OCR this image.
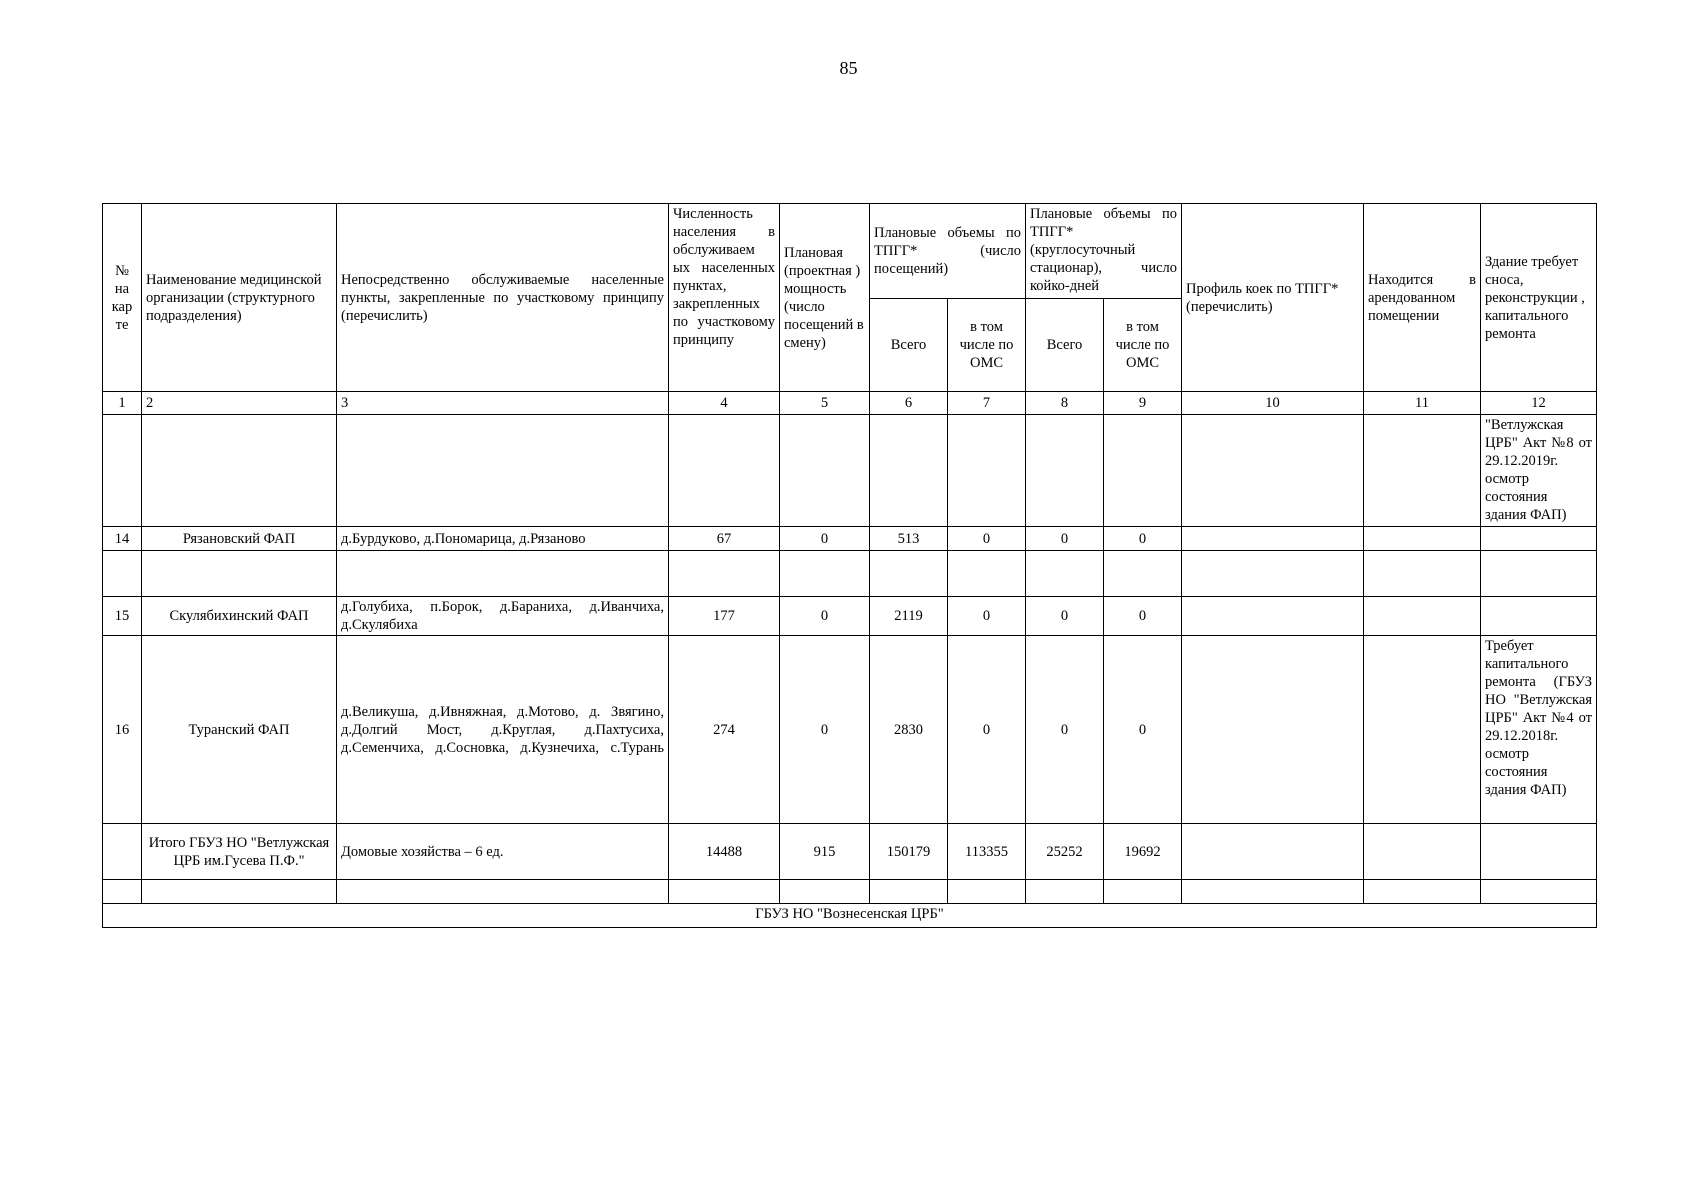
85
№ на кар те	Наименование медицинской организации (структурного подразделения)	Непосредственно обслуживаемые населенные пункты, закрепленные по участковому принципу (перечислить)	Численность населения в обслуживаем ых населенных пунктах, закрепленных по участковому принципу	Плановая (проектная ) мощность (число посещений в смену)	Плановые объемы по ТПГГ* (число посещений)		Плановые объемы по ТПГГ* (круглосуточный стационар), число койко-дней		Профиль коек по ТПГГ* (перечислить)	Находится в арендованном помещении	Здание требует сноса, реконструкции , капитального ремонта
					Всего	в том числе по ОМС	Всего	в том числе по ОМС			
1	2	3	4	5	6	7	8	9	10	11	12
											"Ветлужская ЦРБ" Акт №8 от 29.12.2019г. осмотр состояния здания ФАП)
14	Рязановский ФАП	д.Бурдуково, д.Пономарица, д.Рязаново	67	0	513	0	0	0			

15	Скулябихинский ФАП	д.Голубиха, п.Борок, д.Бараниха, д.Иванчиха, д.Скулябиха	177	0	2119	0	0	0			
16	Туранский ФАП	д.Великуша, д.Ивняжная, д.Мотово, д. Звягино, д.Долгий Мост, д.Круглая, д.Пахтусиха, д.Семенчиха, д.Сосновка, д.Кузнечиха, с.Турань	274	0	2830	0	0	0			Требует капитального ремонта (ГБУЗ НО "Ветлужская ЦРБ" Акт №4 от 29.12.2018г. осмотр состояния здания ФАП)
	Итого ГБУЗ НО "Ветлужская ЦРБ им.Гусева П.Ф."	Домовые хозяйства – 6 ед.	14488	915	150179	113355	25252	19692			

ГБУЗ НО "Вознесенская ЦРБ"											
